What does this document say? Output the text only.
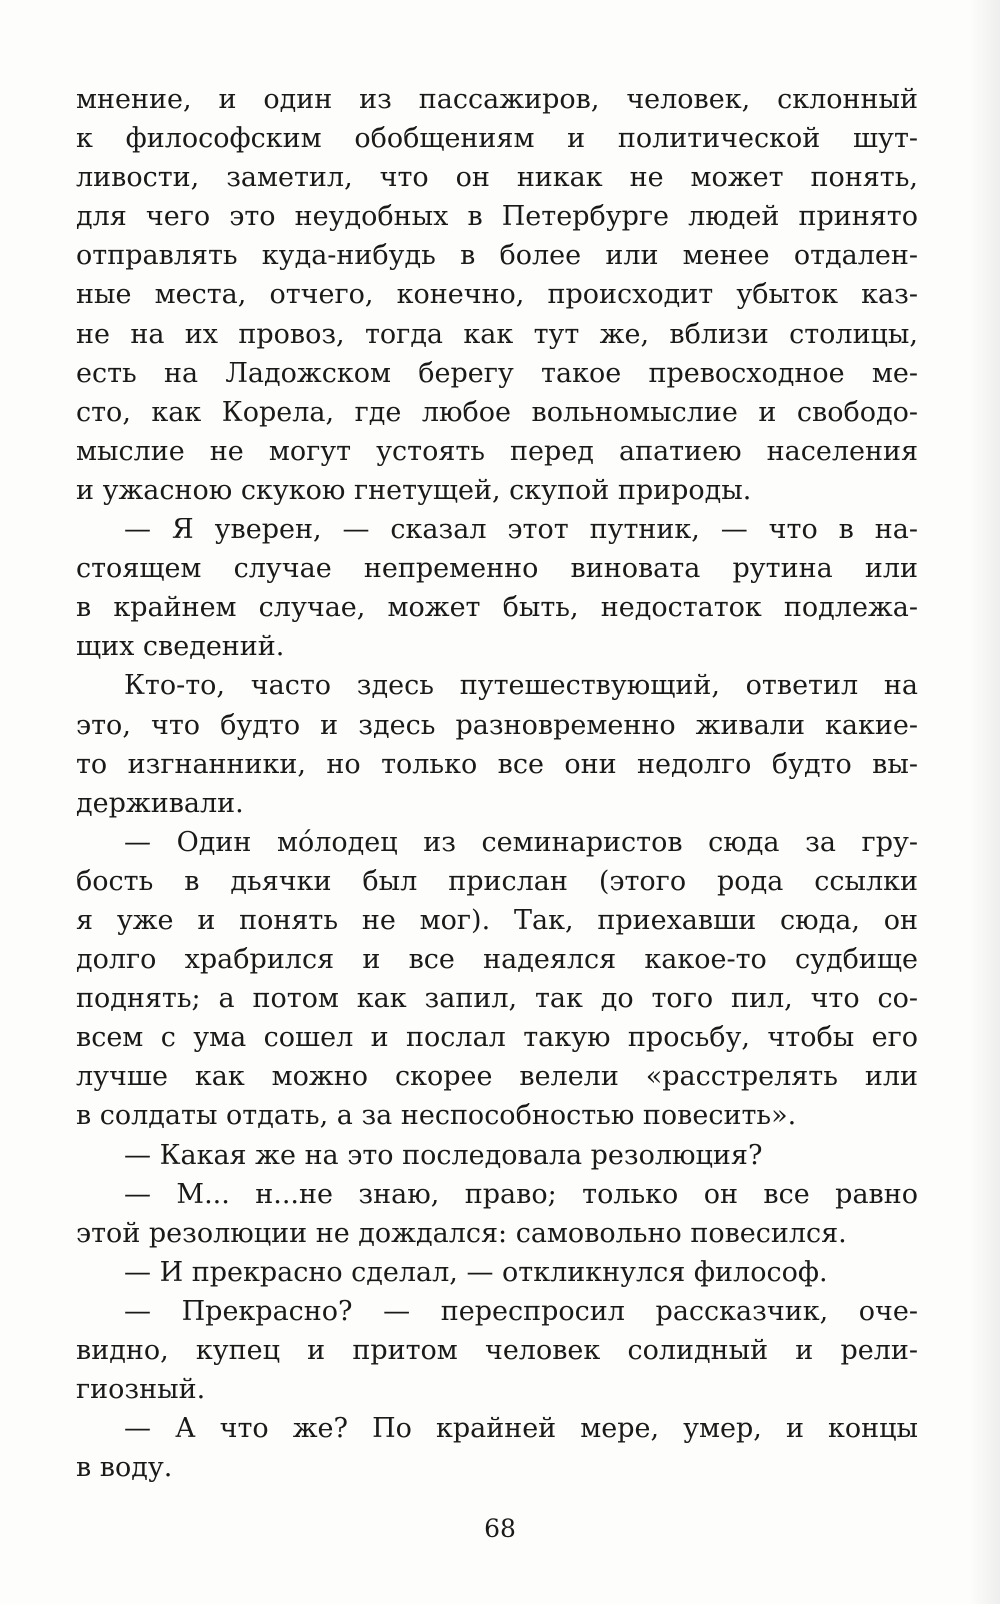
мнение, и один из пассажиров, человек, склонный
к философским обобщениям и политической шут-
ливости, заметил, что он никак не может понять,
для чего это неудобных в Петербурге людей принято
отправлять куда-нибудь в более или менее отдален-
ные места, отчего, конечно, происходит убыток каз-
не на их провоз, тогда как тут же, вблизи столицы,
есть на Ладожском берегу такое превосходное ме-
сто, как Корела, где любое вольномыслие и свободо-
мыслие не могут устоять перед апатиею населения
и ужасною скукою гнетущей, скупой природы.
— Я уверен, — сказал этот путник, — что в на-
стоящем случае непременно виновата рутина или
в крайнем случае, может быть, недостаток подлежа-
щих сведений.
Кто-то, часто здесь путешествующий, ответил на
это, что будто и здесь разновременно живали какие-
то изгнанники, но только все они недолго будто вы-
держивали.
— Один мóлодец из семинаристов сюда за гру-
бость в дьячки был прислан (этого рода ссылки
я уже и понять не мог). Так, приехавши сюда, он
долго храбрился и все надеялся какое-то судбище
поднять; а потом как запил, так до того пил, что со-
всем с ума сошел и послал такую просьбу, чтобы его
лучше как можно скорее велели «расстрелять или
в солдаты отдать, а за неспособностью повесить».
— Какая же на это последовала резолюция?
— М... н...не знаю, право; только он все равно
этой резолюции не дождался: самовольно повесился.
— И прекрасно сделал, — откликнулся философ.
— Прекрасно? — переспросил рассказчик, оче-
видно, купец и притом человек солидный и рели-
гиозный.
— А что же? По крайней мере, умер, и концы
в воду.
68
